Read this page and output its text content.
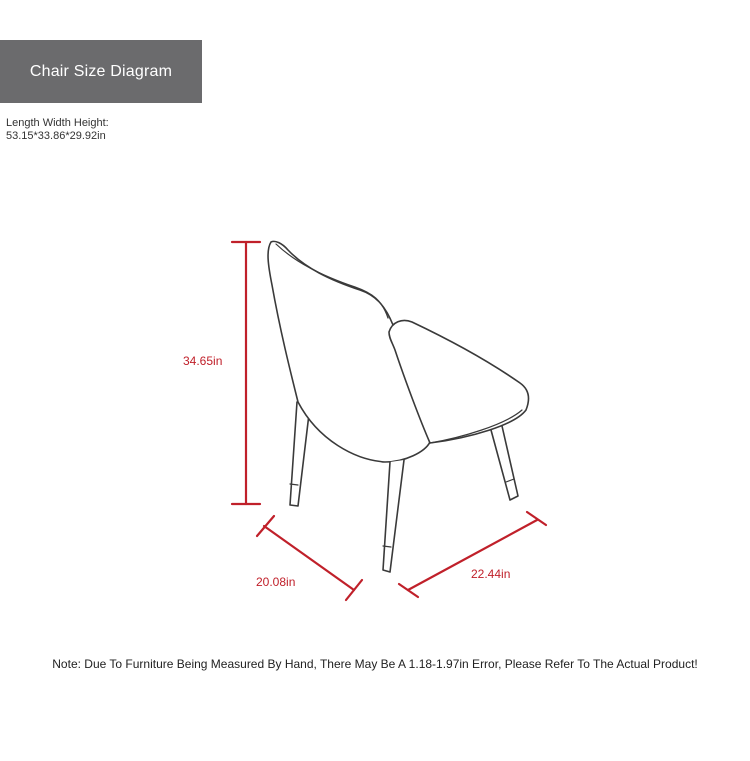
Chair Size Diagram
Length Width Height:
53.15*33.86*29.92in
34.65in
20.08in
22.44in
Note: Due To Furniture Being Measured By Hand, There May Be A 1.18-1.97in Error, Please Refer To The Actual Product!
